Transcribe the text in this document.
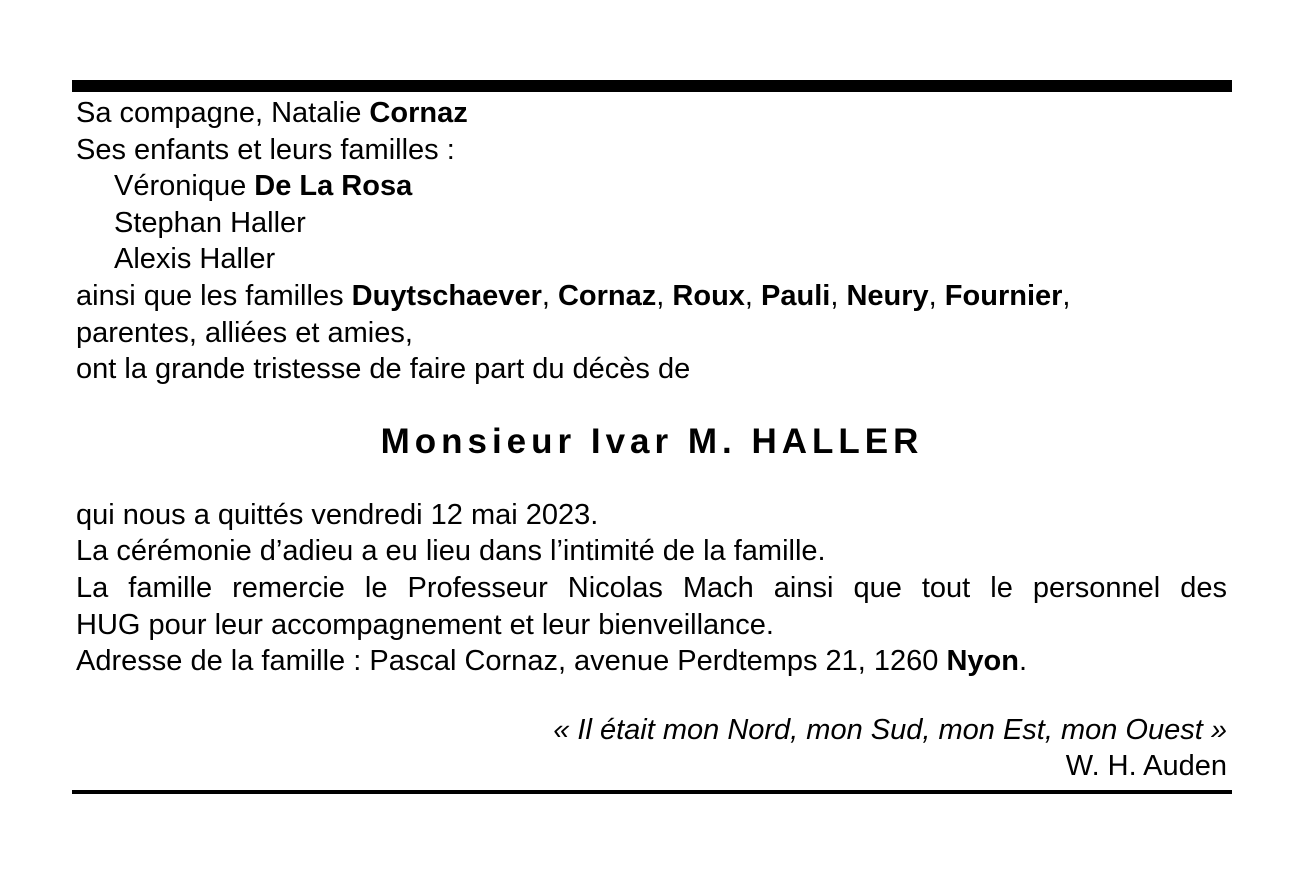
Sa compagne, Natalie Cornaz
Ses enfants et leurs familles :
Véronique De La Rosa
Stephan Haller
Alexis Haller
ainsi que les familles Duytschaever, Cornaz, Roux, Pauli, Neury, Fournier,
parentes, alliées et amies,
ont la grande tristesse de faire part du décès de
Monsieur Ivar M. HALLER
qui nous a quittés vendredi 12 mai 2023.
La cérémonie d’adieu a eu lieu dans l’intimité de la famille.
La famille remercie le Professeur Nicolas Mach ainsi que tout le personnel des
HUG pour leur accompagnement et leur bienveillance.
Adresse de la famille : Pascal Cornaz, avenue Perdtemps 21, 1260 Nyon.
« Il était mon Nord, mon Sud, mon Est, mon Ouest »
W. H. Auden
